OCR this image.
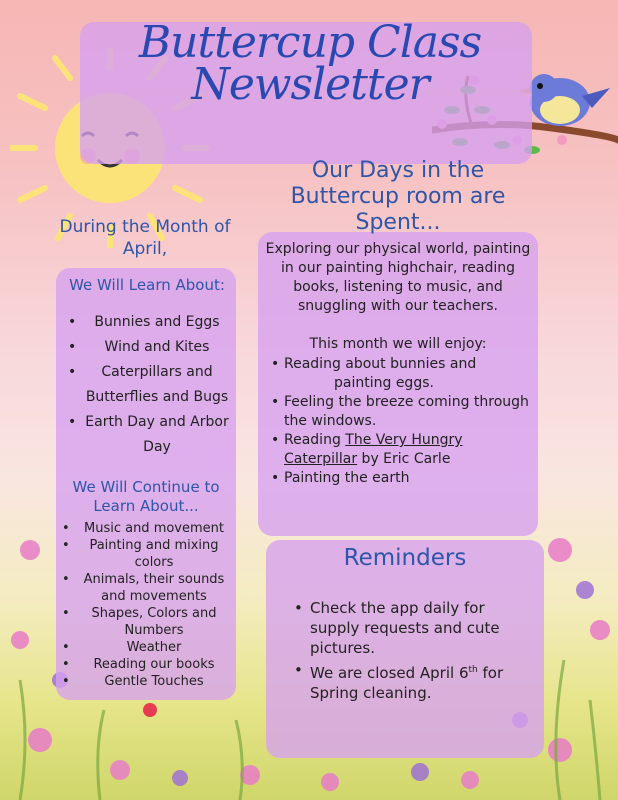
Buttercup Class
Newsletter
During the Month of April,
We Will Learn About:
• Bunnies and Eggs
• Wind and Kites
• Caterpillars and Butterflies and Bugs
• Earth Day and Arbor Day
We Will Continue to Learn About...
• Music and movement
• Painting and mixing colors
• Animals, their sounds and movements
• Shapes, Colors and Numbers
• Weather
• Reading our books
• Gentle Touches
Our Days in the Buttercup room are Spent...
Exploring our physical world, painting in our painting highchair, reading books, listening to music, and snuggling with our teachers.
This month we will enjoy:
• Reading about bunnies and
painting eggs.
• Feeling the breeze coming through the windows.
• Reading The Very Hungry Caterpillar by Eric Carle
• Painting the earth
Reminders
• Check the app daily for supply requests and cute pictures.
• We are closed April 6th for Spring cleaning.
